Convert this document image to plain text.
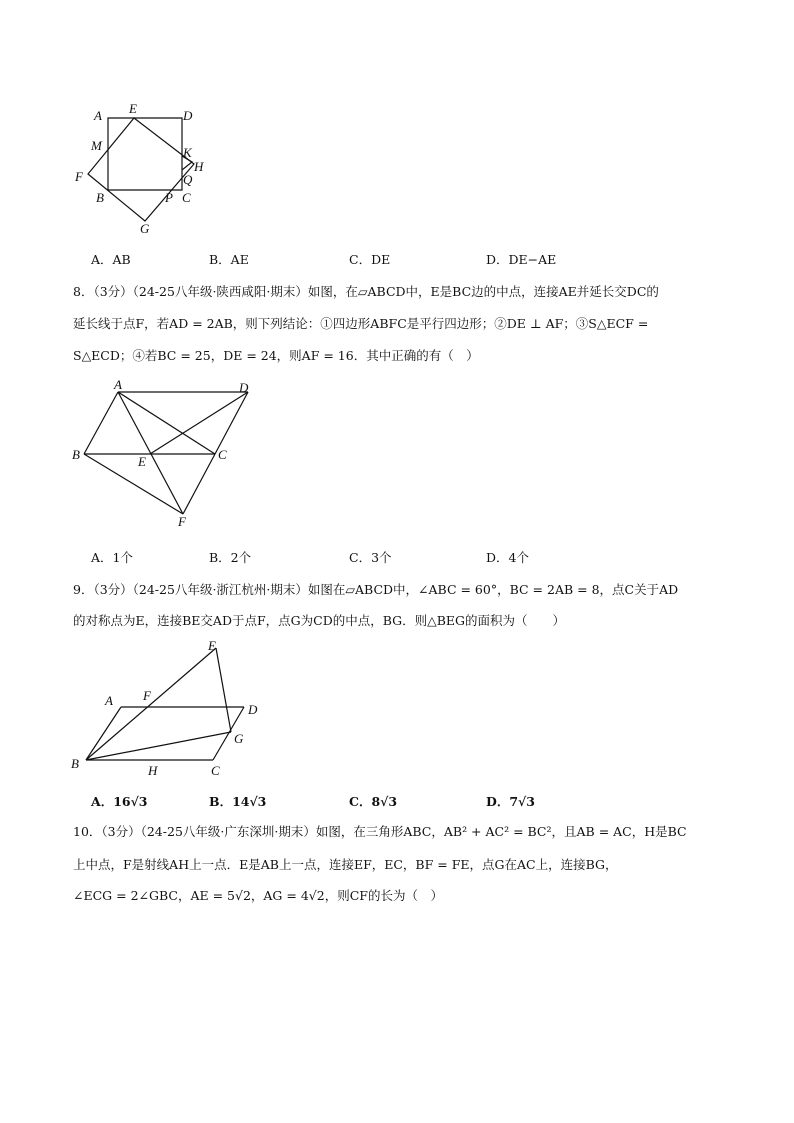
A E	D
M	K
H
F	Q
B	P C
G
A．AB	B．AE	C．DE	D．DE−AE
8．（3分）（24-25八年级·陕西咸阳·期末）如图，在▱ABCD中，E是BC边的中点，连接AE并延长交DC的
延长线于点F，若AD = 2AB，则下列结论：①四边形ABFC是平行四边形；②DE ⊥ AF；③S△ECF =
S△ECD；④若BC = 25，DE = 24，则AF = 16．其中正确的有（　）
A	D
B	E	C
F
A．1个	B．2个	C．3个	D．4个
9．（3分）（24-25八年级·浙江杭州·期末）如图在▱ABCD中，∠ABC = 60°，BC = 2AB = 8，点C关于AD
的对称点为E，连接BE交AD于点F，点G为CD的中点，BG．则△BEG的面积为（　　）
E
A F
D
G
B	H	C
A．16√3	B．14√3	C．8√3	D．7√3
10．（3分）（24-25八年级·广东深圳·期末）如图，在三角形ABC，AB² + AC² = BC²，且AB = AC，H是BC
上中点，F是射线AH上一点．E是AB上一点，连接EF，EC，BF = FE，点G在AC上，连接BG，
∠ECG = 2∠GBC，AE = 5√2，AG = 4√2，则CF的长为（　）
